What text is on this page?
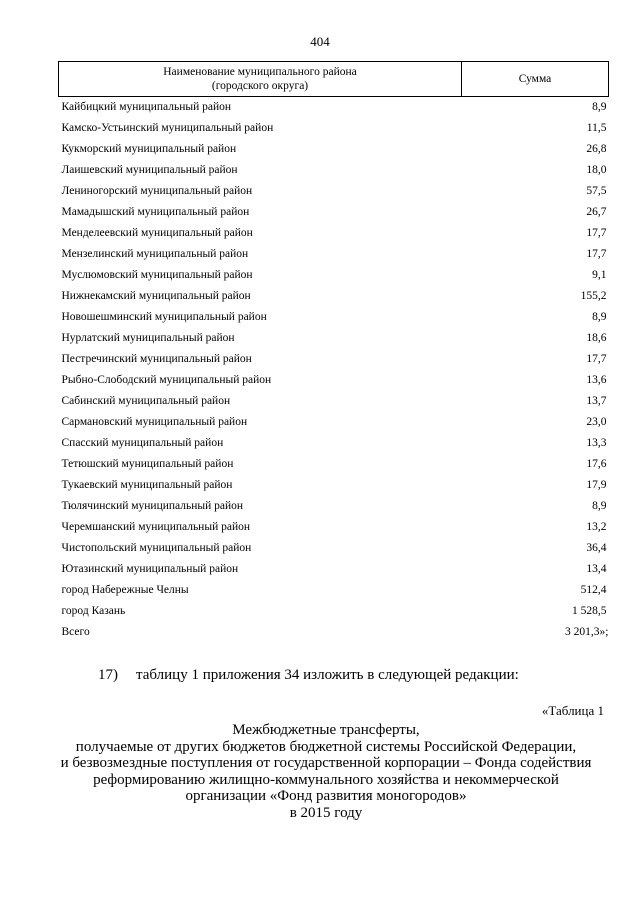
404
Наименование муниципального района
(городского округа)	Сумма
Кайбицкий муниципальный район	8,9
Камско-Устьинский муниципальный район	11,5
Кукморский муниципальный район	26,8
Лаишевский муниципальный район	18,0
Лениногорский муниципальный район	57,5
Мамадышский муниципальный район	26,7
Менделеевский муниципальный район	17,7
Мензелинский муниципальный район	17,7
Муслюмовский муниципальный район	9,1
Нижнекамский муниципальный район	155,2
Новошешминский муниципальный район	8,9
Нурлатский муниципальный район	18,6
Пестречинский муниципальный район	17,7
Рыбно-Слободский муниципальный район	13,6
Сабинский муниципальный район	13,7
Сармановский муниципальный район	23,0
Спасский муниципальный район	13,3
Тетюшский муниципальный район	17,6
Тукаевский муниципальный район	17,9
Тюлячинский муниципальный район	8,9
Черемшанский муниципальный район	13,2
Чистопольский муниципальный район	36,4
Ютазинский муниципальный район	13,4
город Набережные Челны	512,4
город Казань	1 528,5
Всего	3 201,3»;
17) таблицу 1 приложения 34 изложить в следующей редакции:
«Таблица 1
Межбюджетные трансферты,
получаемые от других бюджетов бюджетной системы Российской Федерации,
и безвозмездные поступления от государственной корпорации – Фонда содействия
реформированию жилищно-коммунального хозяйства и некоммерческой
организации «Фонд развития моногородов»
в 2015 году
